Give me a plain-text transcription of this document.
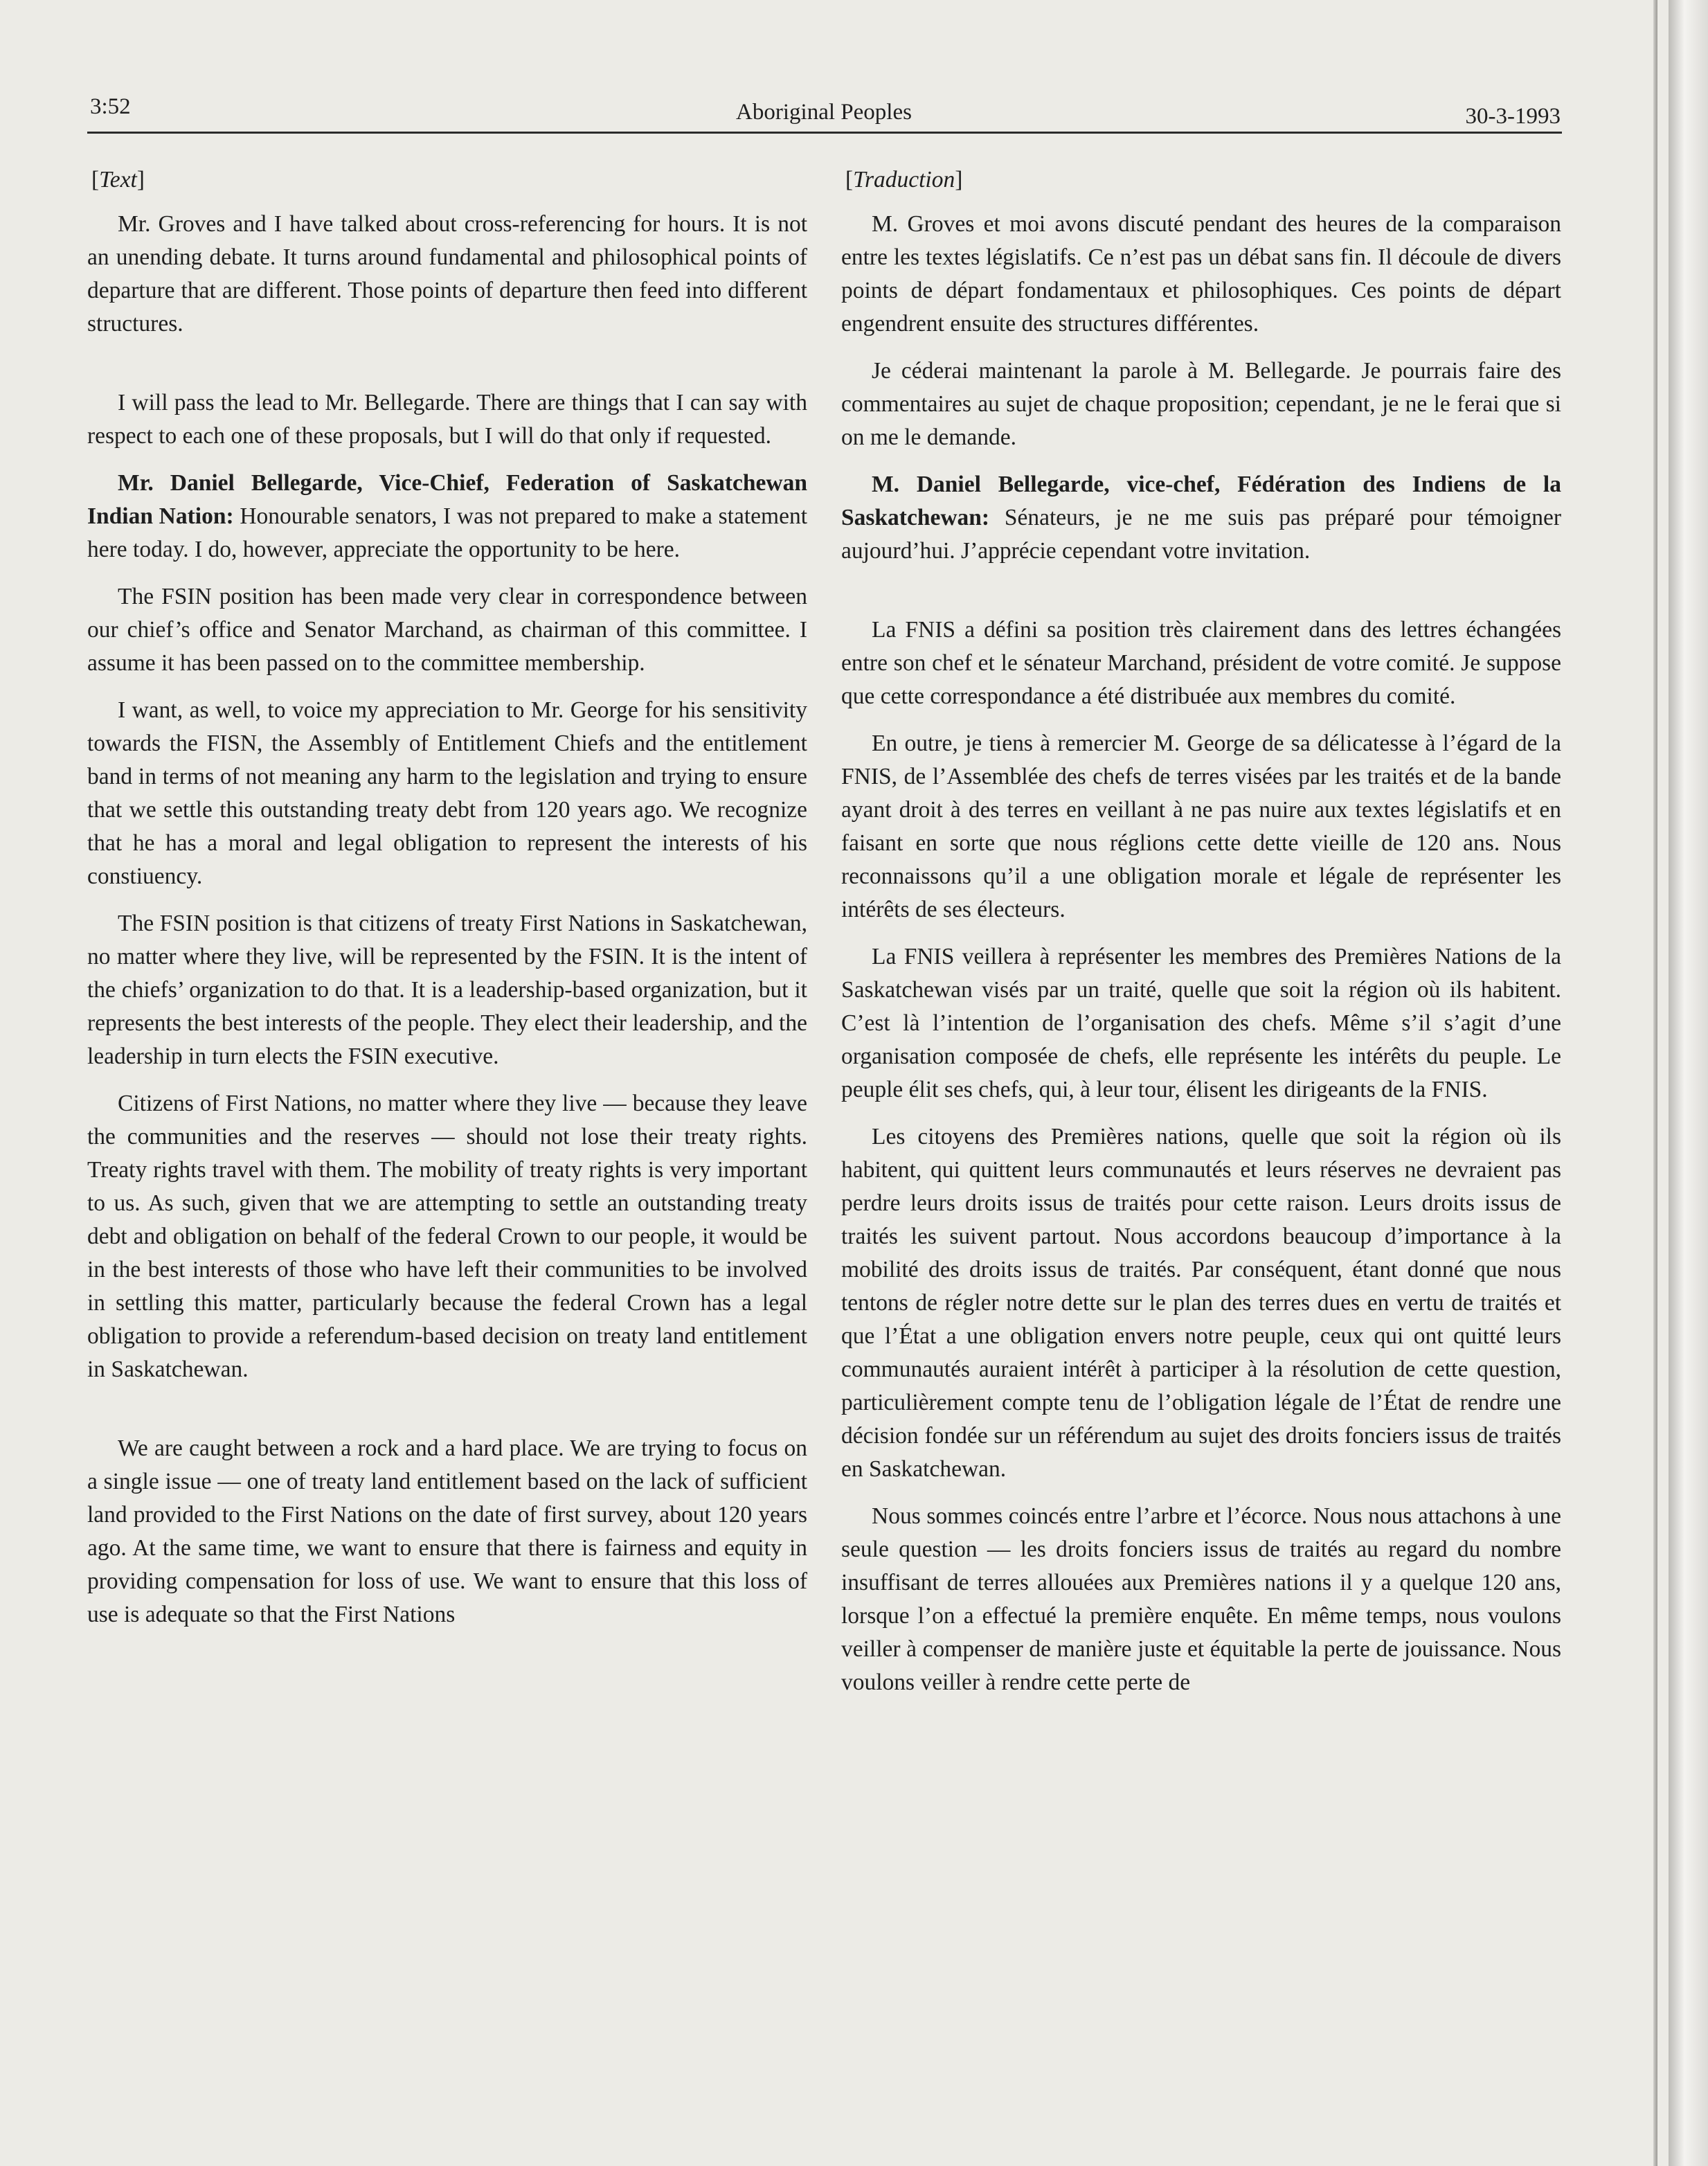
3:52	Aboriginal Peoples	30-3-1993

[Text]

Mr. Groves and I have talked about cross-referencing for hours. It is not an unending debate. It turns around fundamental and philosophical points of departure that are different. Those points of departure then feed into different structures.

I will pass the lead to Mr. Bellegarde. There are things that I can say with respect to each one of these proposals, but I will do that only if requested.

Mr. Daniel Bellegarde, Vice-Chief, Federation of Saskatchewan Indian Nation: Honourable senators, I was not prepared to make a statement here today. I do, however, appreciate the opportunity to be here.

The FSIN position has been made very clear in correspondence between our chief’s office and Senator Marchand, as chairman of this committee. I assume it has been passed on to the committee membership.

I want, as well, to voice my appreciation to Mr. George for his sensitivity towards the FISN, the Assembly of Entitlement Chiefs and the entitlement band in terms of not meaning any harm to the legislation and trying to ensure that we settle this outstanding treaty debt from 120 years ago. We recognize that he has a moral and legal obligation to represent the interests of his constiuency.

The FSIN position is that citizens of treaty First Nations in Saskatchewan, no matter where they live, will be represented by the FSIN. It is the intent of the chiefs’ organization to do that. It is a leadership-based organization, but it represents the best interests of the people. They elect their leadership, and the leadership in turn elects the FSIN executive.

Citizens of First Nations, no matter where they live — because they leave the communities and the reserves — should not lose their treaty rights. Treaty rights travel with them. The mobility of treaty rights is very important to us. As such, given that we are attempting to settle an outstanding treaty debt and obligation on behalf of the federal Crown to our people, it would be in the best interests of those who have left their communities to be involved in settling this matter, particularly because the federal Crown has a legal obligation to provide a referendum-based decision on treaty land entitlement in Saskatchewan.

We are caught between a rock and a hard place. We are trying to focus on a single issue — one of treaty land entitlement based on the lack of sufficient land provided to the First Nations on the date of first survey, about 120 years ago. At the same time, we want to ensure that there is fairness and equity in providing compensation for loss of use. We want to ensure that this loss of use is adequate so that the First Nations

[Traduction]

M. Groves et moi avons discuté pendant des heures de la comparaison entre les textes législatifs. Ce n’est pas un débat sans fin. Il découle de divers points de départ fondamentaux et philosophiques. Ces points de départ engendrent ensuite des structures différentes.

Je céderai maintenant la parole à M. Bellegarde. Je pourrais faire des commentaires au sujet de chaque proposition; cependant, je ne le ferai que si on me le demande.

M. Daniel Bellegarde, vice-chef, Fédération des Indiens de la Saskatchewan: Sénateurs, je ne me suis pas préparé pour témoigner aujourd’hui. J’apprécie cependant votre invitation.

La FNIS a défini sa position très clairement dans des lettres échangées entre son chef et le sénateur Marchand, président de votre comité. Je suppose que cette correspondance a été distribuée aux membres du comité.

En outre, je tiens à remercier M. George de sa délicatesse à l’égard de la FNIS, de l’Assemblée des chefs de terres visées par les traités et de la bande ayant droit à des terres en veillant à ne pas nuire aux textes législatifs et en faisant en sorte que nous réglions cette dette vieille de 120 ans. Nous reconnaissons qu’il a une obligation morale et légale de représenter les intérêts de ses électeurs.

La FNIS veillera à représenter les membres des Premières Nations de la Saskatchewan visés par un traité, quelle que soit la région où ils habitent. C’est là l’intention de l’organisation des chefs. Même s’il s’agit d’une organisation composée de chefs, elle représente les intérêts du peuple. Le peuple élit ses chefs, qui, à leur tour, élisent les dirigeants de la FNIS.

Les citoyens des Premières nations, quelle que soit la région où ils habitent, qui quittent leurs communautés et leurs réserves ne devraient pas perdre leurs droits issus de traités pour cette raison. Leurs droits issus de traités les suivent partout. Nous accordons beaucoup d’importance à la mobilité des droits issus de traités. Par conséquent, étant donné que nous tentons de régler notre dette sur le plan des terres dues en vertu de traités et que l’État a une obligation envers notre peuple, ceux qui ont quitté leurs communautés auraient intérêt à participer à la résolution de cette question, particulièrement compte tenu de l’obligation légale de l’État de rendre une décision fondée sur un référendum au sujet des droits fonciers issus de traités en Saskatchewan.

Nous sommes coincés entre l’arbre et l’écorce. Nous nous attachons à une seule question — les droits fonciers issus de traités au regard du nombre insuffisant de terres allouées aux Premières nations il y a quelque 120 ans, lorsque l’on a effectué la première enquête. En même temps, nous voulons veiller à compenser de manière juste et équitable la perte de jouissance. Nous voulons veiller à rendre cette perte de
